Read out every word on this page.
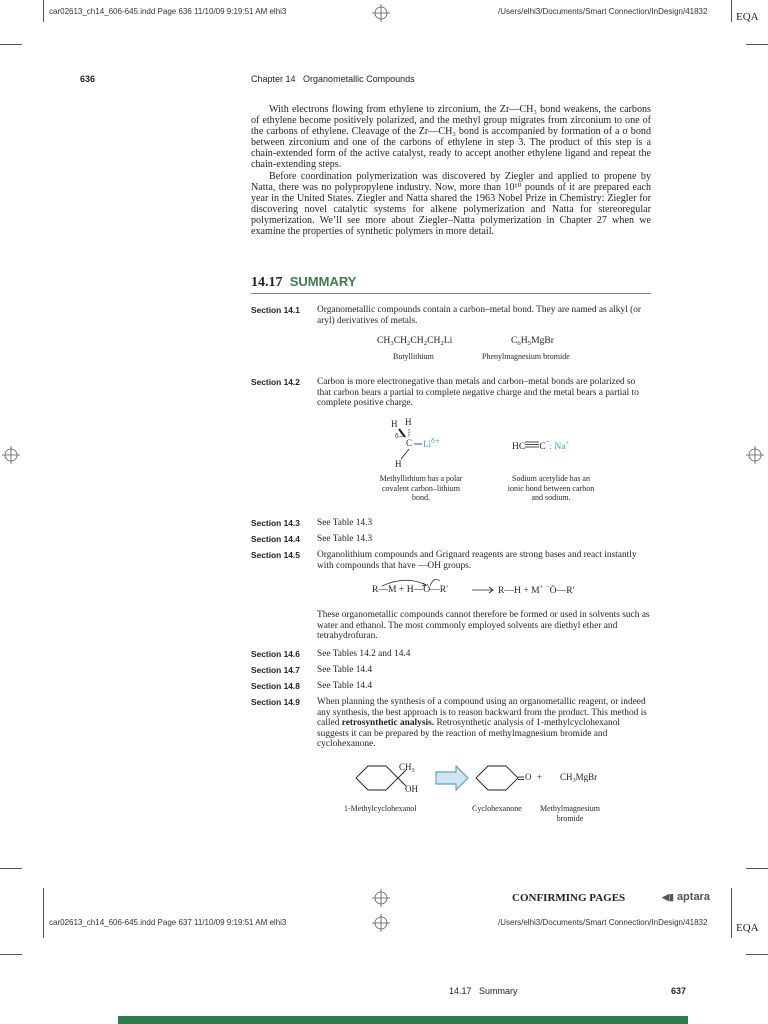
car02613_ch14_606-645.indd Page 636 11/10/09 9:19:51 AM elhi3	/Users/elhi3/Documents/Smart Connection/InDesign/41832	EQA
636	Chapter 14 Organometallic Compounds

With electrons flowing from ethylene to zirconium, the Zr—CH₃ bond weakens, the carbons of ethylene become positively polarized, and the methyl group migrates from zirconium to one of the carbons of ethylene. Cleavage of the Zr—CH₃ bond is accompanied by formation of a σ bond between zirconium and one of the carbons of ethylene in step 3. The product of this step is a chain-extended form of the active catalyst, ready to accept another ethylene ligand and repeat the chain-extending steps.

Before coordination polymerization was discovered by Ziegler and applied to propene by Natta, there was no polypropylene industry. Now, more than 10¹⁰ pounds of it are prepared each year in the United States. Ziegler and Natta shared the 1963 Nobel Prize in Chemistry: Ziegler for discovering novel catalytic systems for alkene polymerization and Natta for stereoregular polymerization. We’ll see more about Ziegler–Natta polymerization in Chapter 27 when we examine the properties of synthetic polymers in more detail.

14.17 SUMMARY
Section 14.1 Organometallic compounds contain a carbon–metal bond. They are named as alkyl (or aryl) derivatives of metals.
$CH_3CH_2CH_2CH_2Li$
Butyllithium
$C_6H_5MgBr$
Phenylmagnesium bromide
Section 14.2 Carbon is more electronegative than metals and carbon–metal bonds are polarized so that carbon bears a partial to complete negative charge and the metal bears a partial to complete positive charge.
H H
δ−
C $Li^{\delta+}$
H
Methyllithium has a polar
covalent carbon–lithium
bond.
HC C–: Na+
Sodium acetylide has an
ionic bond between carbon
and sodium.
Section 14.3 See Table 14.3
Section 14.4 See Table 14.3
Section 14.5 Organolithium compounds and Grignard reagents are strong bases and react instantly with compounds that have —OH groups.
R—M + H—Ö—R′	R—H + M+ −Ö—R′
These organometallic compounds cannot therefore be formed or used in solvents such as water and ethanol. The most commonly employed solvents are diethyl ether and tetrahydrofuran.
Section 14.6 See Tables 14.2 and 14.4
Section 14.7 See Table 14.4
Section 14.8 See Table 14.4
Section 14.9 When planning the synthesis of a compound using an organometallic reagent, or indeed any synthesis, the best approach is to reason backward from the product. This method is called retrosynthetic analysis. Retrosynthetic analysis of 1-methylcyclohexanol suggests it can be prepared by the reaction of methylmagnesium bromide and cyclohexanone.
$CH_3$
OH
$O + CH_3MgBr$
1-Methylcyclohexanol	Cyclohexanone Methylmagnesium
bromide
CONFIRMING PAGES	◀▮ aptara
car02613_ch14_606-645.indd Page 637 11/10/09 9:19:51 AM elhi3	/Users/elhi3/Documents/Smart Connection/InDesign/41832	EQA
14.17 Summary	637
